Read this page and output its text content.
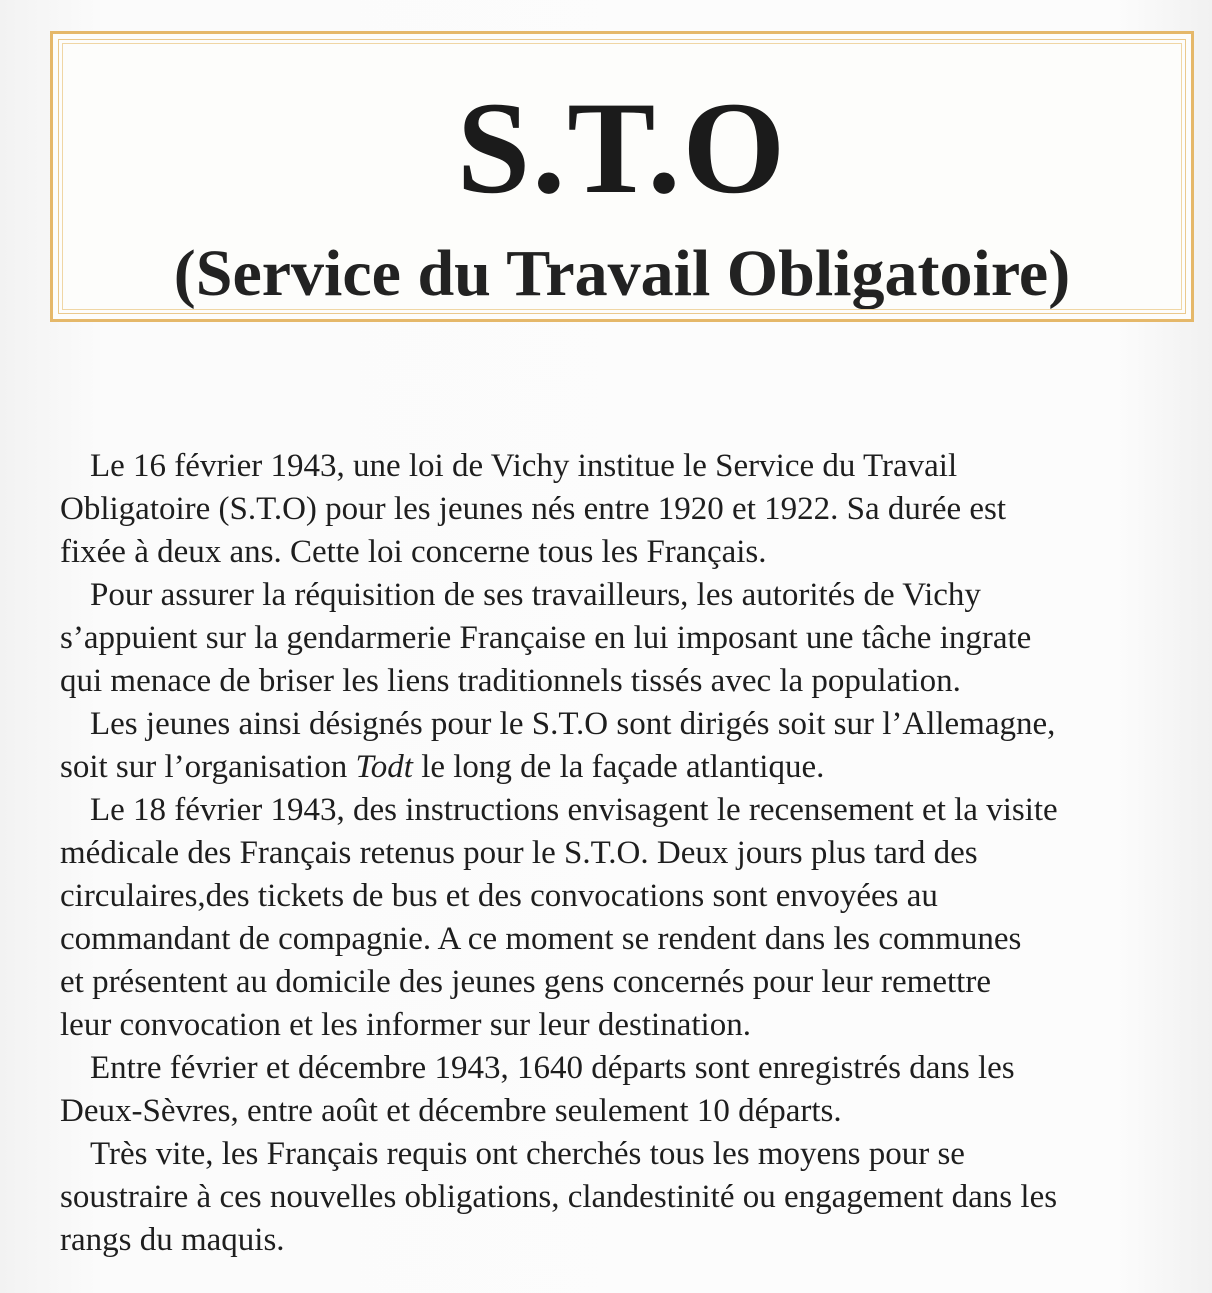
S.T.O
(Service du Travail Obligatoire)

Le 16 février 1943, une loi de Vichy institue le Service du Travail
Obligatoire (S.T.O) pour les jeunes nés entre 1920 et 1922. Sa durée est
fixée à deux ans. Cette loi concerne tous les Français.

Pour assurer la réquisition de ses travailleurs, les autorités de Vichy
s’appuient sur la gendarmerie Française en lui imposant une tâche ingrate
qui menace de briser les liens traditionnels tissés avec la population.

Les jeunes ainsi désignés pour le S.T.O sont dirigés soit sur l’Allemagne,
soit sur l’organisation Todt le long de la façade atlantique.

Le 18 février 1943, des instructions envisagent le recensement et la visite
médicale des Français retenus pour le S.T.O. Deux jours plus tard des
circulaires,des tickets de bus et des convocations sont envoyées au
commandant de compagnie. A ce moment se rendent dans les communes
et présentent au domicile des jeunes gens concernés pour leur remettre
leur convocation et les informer sur leur destination.

Entre février et décembre 1943, 1640 départs sont enregistrés dans les
Deux-Sèvres, entre août et décembre seulement 10 départs.

Très vite, les Français requis ont cherchés tous les moyens pour se
soustraire à ces nouvelles obligations, clandestinité ou engagement dans les
rangs du maquis.
